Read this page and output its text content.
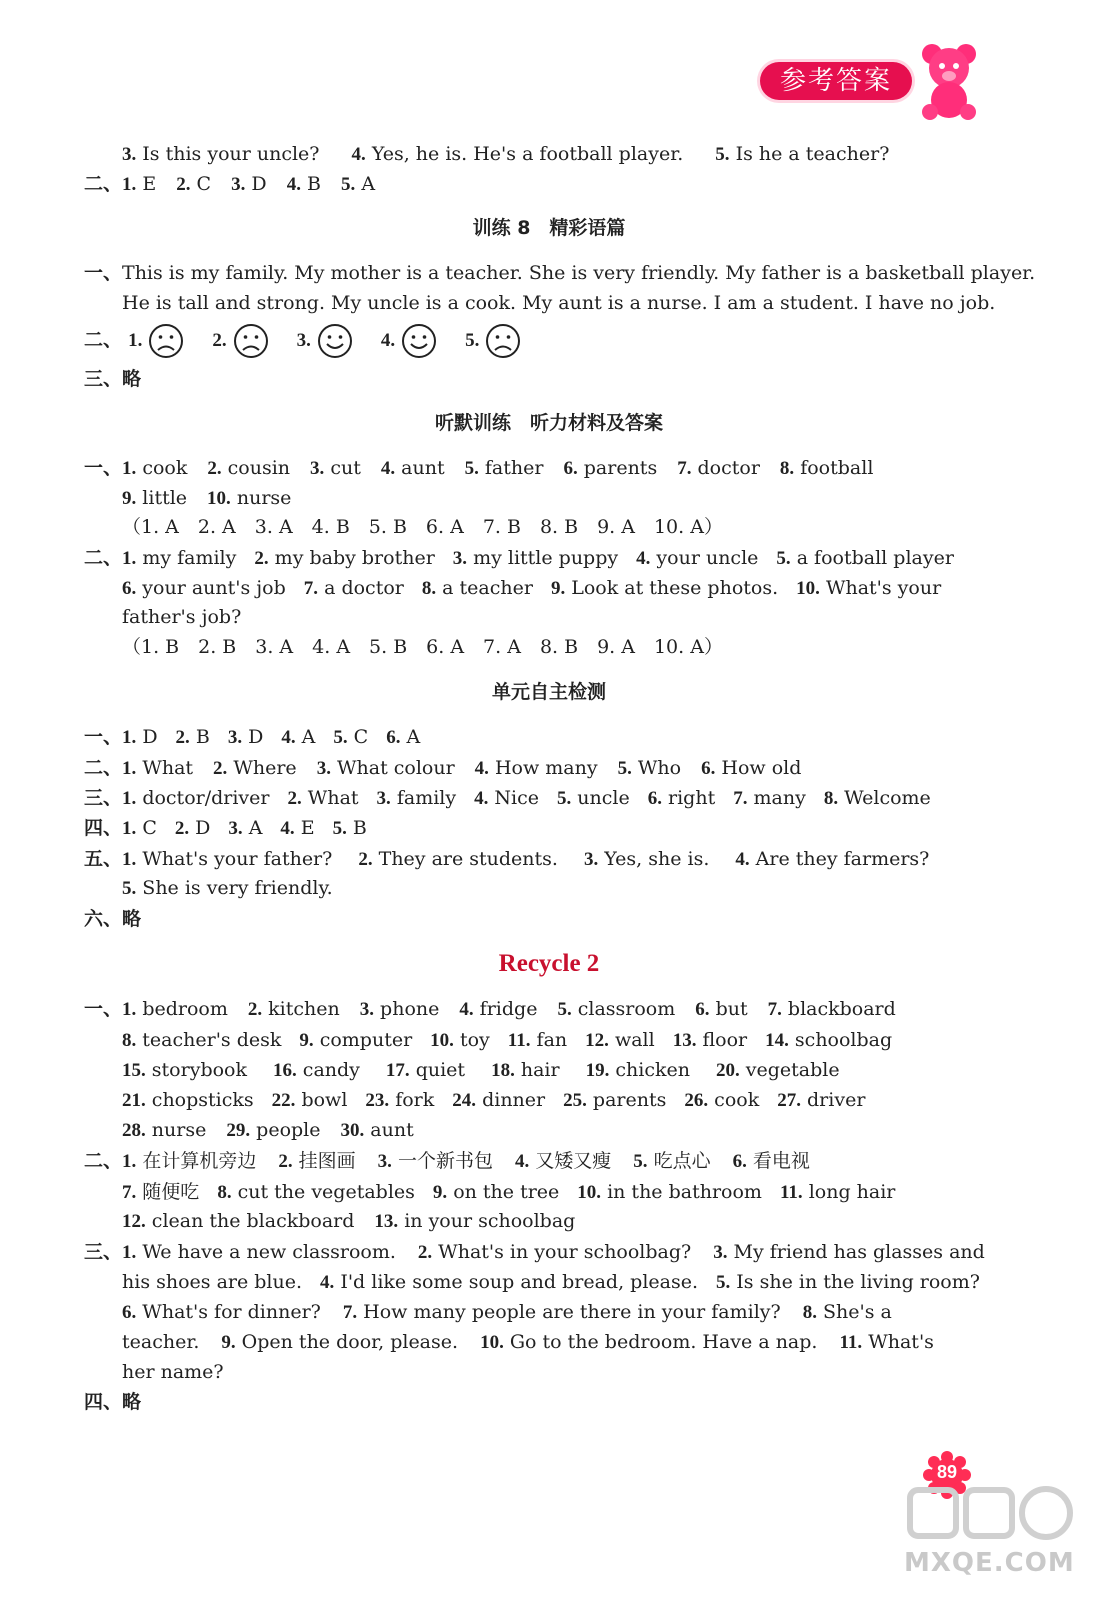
参考答案
3. Is this your uncle? 4. Yes, he is. He's a football player. 5. Is he a teacher?
二、1. E 2. C 3. D 4. B 5. A
训练 8　精彩语篇
一、This is my family. My mother is a teacher. She is very friendly. My father is a basketball player.
He is tall and strong. My uncle is a cook. My aunt is a nurse. I am a student. I have no job.
二、 1.	2.	3.	4.	5.
三、略
听默训练　听力材料及答案
一、1. cook 2. cousin 3. cut 4. aunt 5. father 6. parents 7. doctor 8. football
9. little 10. nurse
（1. A　2. A　3. A　4. B　5. B　6. A　7. B　8. B　9. A　10. A）
二、1. my family 2. my baby brother 3. my little puppy 4. your uncle 5. a football player
6. your aunt's job 7. a doctor 8. a teacher 9. Look at these photos. 10. What's your
father's job?
（1. B　2. B　3. A　4. A　5. B　6. A　7. A　8. B　9. A　10. A）
单元自主检测
一、1. D 2. B 3. D 4. A 5. C 6. A
二、1. What 2. Where 3. What colour 4. How many 5. Who 6. How old
三、1. doctor/driver 2. What 3. family 4. Nice 5. uncle 6. right 7. many 8. Welcome
四、1. C 2. D 3. A 4. E 5. B
五、1. What's your father? 2. They are students. 3. Yes, she is. 4. Are they farmers?
5. She is very friendly.
六、略
Recycle 2
一、1. bedroom 2. kitchen 3. phone 4. fridge 5. classroom 6. but 7. blackboard
8. teacher's desk 9. computer 10. toy 11. fan 12. wall 13. floor 14. schoolbag
15. storybook 16. candy 17. quiet 18. hair 19. chicken 20. vegetable
21. chopsticks 22. bowl 23. fork 24. dinner 25. parents 26. cook 27. driver
28. nurse 29. people 30. aunt
二、1. 在计算机旁边 2. 挂图画 3. 一个新书包 4. 又矮又瘦 5. 吃点心 6. 看电视
7. 随便吃 8. cut the vegetables 9. on the tree 10. in the bathroom 11. long hair
12. clean the blackboard 13. in your schoolbag
三、1. We have a new classroom. 2. What's in your schoolbag? 3. My friend has glasses and
his shoes are blue. 4. I'd like some soup and bread, please. 5. Is she in the living room?
6. What's for dinner? 7. How many people are there in your family? 8. She's a
teacher. 9. Open the door, please. 10. Go to the bedroom. Have a nap. 11. What's
her name?
四、略
89
MXQE.COM
